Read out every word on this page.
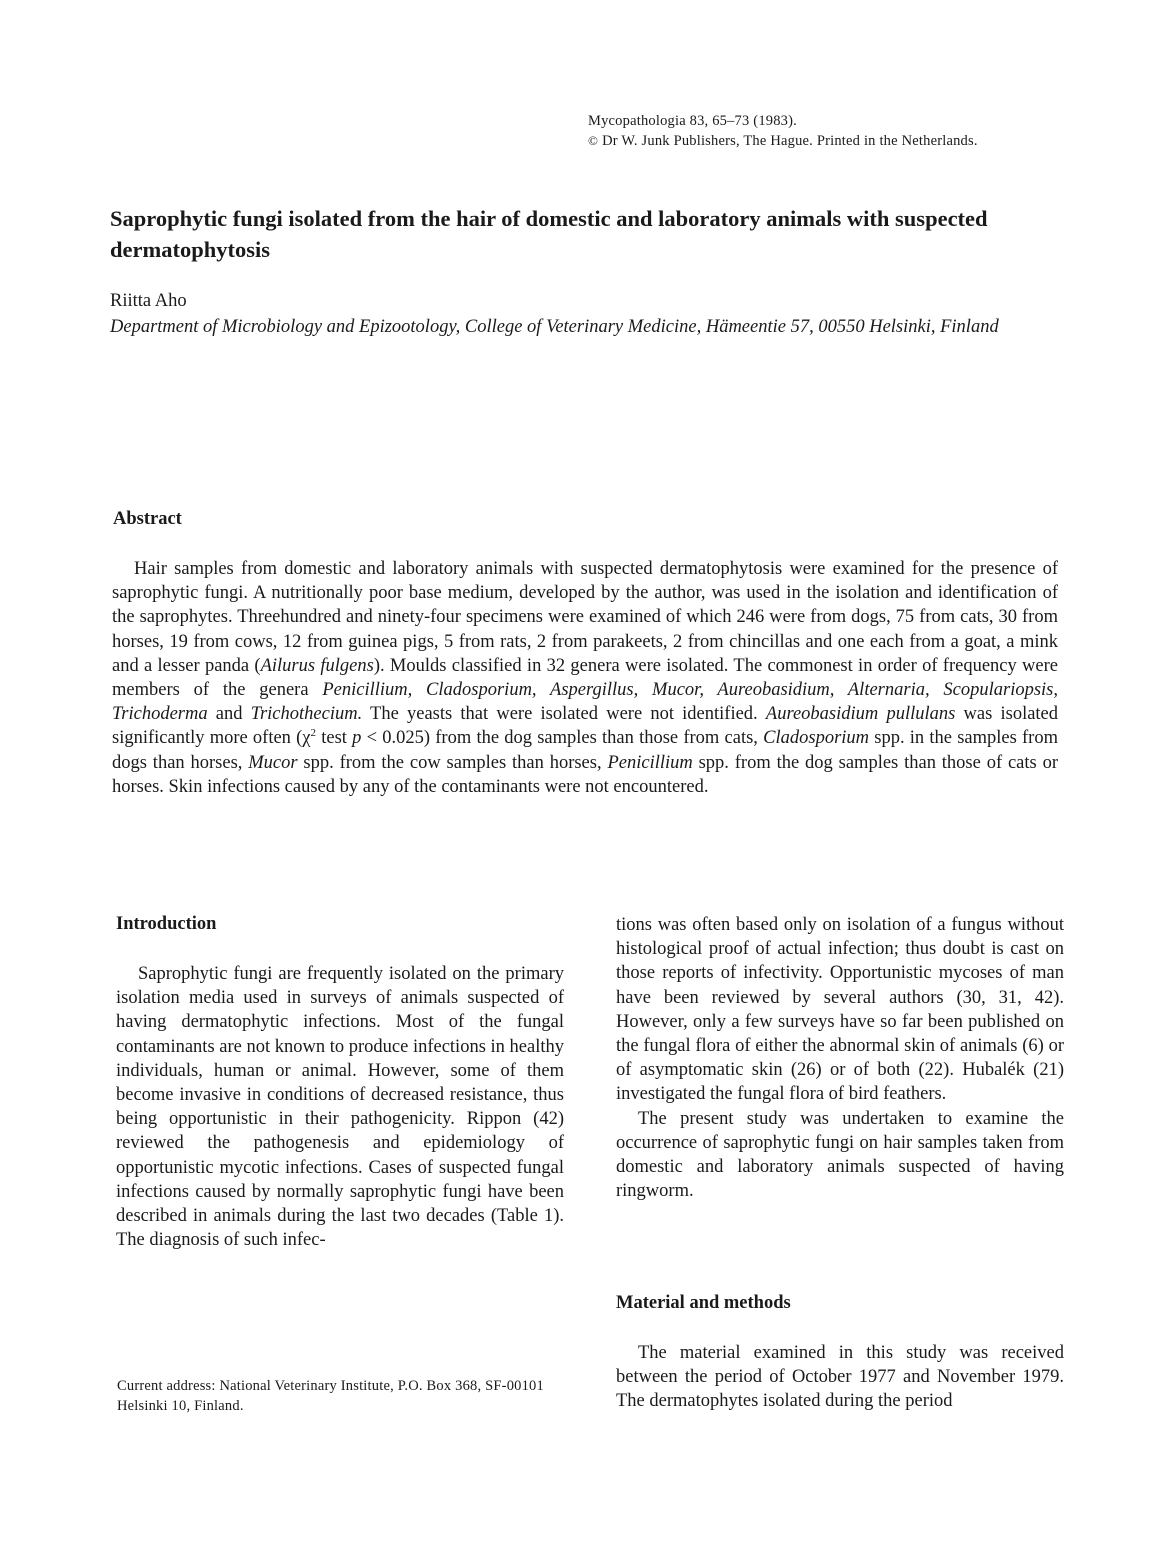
Mycopathologia 83, 65–73 (1983).
© Dr W. Junk Publishers, The Hague. Printed in the Netherlands.
Saprophytic fungi isolated from the hair of domestic and laboratory animals with suspected dermatophytosis
Riitta Aho
Department of Microbiology and Epizootology, College of Veterinary Medicine, Hämeentie 57, 00550 Helsinki, Finland
Abstract

Hair samples from domestic and laboratory animals with suspected dermatophytosis were examined for the presence of saprophytic fungi. A nutritionally poor base medium, developed by the author, was used in the isolation and identification of the saprophytes. Threehundred and ninety-four specimens were examined of which 246 were from dogs, 75 from cats, 30 from horses, 19 from cows, 12 from guinea pigs, 5 from rats, 2 from parakeets, 2 from chincillas and one each from a goat, a mink and a lesser panda (Ailurus fulgens). Moulds classified in 32 genera were isolated. The commonest in order of frequency were members of the genera Penicillium, Cladosporium, Aspergillus, Mucor, Aureobasidium, Alternaria, Scopulariopsis, Trichoderma and Trichothecium. The yeasts that were isolated were not identified. Aureobasidium pullulans was isolated significantly more often ($\chi^2$ test p < 0.025) from the dog samples than those from cats, Cladosporium spp. in the samples from dogs than horses, Mucor spp. from the cow samples than horses, Penicillium spp. from the dog samples than those of cats or horses. Skin infections caused by any of the contaminants were not encountered.

Introduction

Saprophytic fungi are frequently isolated on the primary isolation media used in surveys of animals suspected of having dermatophytic infections. Most of the fungal contaminants are not known to produce infections in healthy individuals, human or animal. However, some of them become invasive in conditions of decreased resistance, thus being opportunistic in their pathogenicity. Rippon (42) reviewed the pathogenesis and epidemiology of opportunistic mycotic infections. Cases of suspected fungal infections caused by normally saprophytic fungi have been described in animals during the last two decades (Table 1). The diagnosis of such infec-

tions was often based only on isolation of a fungus without histological proof of actual infection; thus doubt is cast on those reports of infectivity. Opportunistic mycoses of man have been reviewed by several authors (30, 31, 42). However, only a few surveys have so far been published on the fungal flora of either the abnormal skin of animals (6) or of asymptomatic skin (26) or of both (22). Hubalék (21) investigated the fungal flora of bird feathers.

The present study was undertaken to examine the occurrence of saprophytic fungi on hair samples taken from domestic and laboratory animals suspected of having ringworm.

Material and methods

The material examined in this study was received between the period of October 1977 and November 1979. The dermatophytes isolated during the period

Current address: National Veterinary Institute, P.O. Box 368, SF-00101 Helsinki 10, Finland.
